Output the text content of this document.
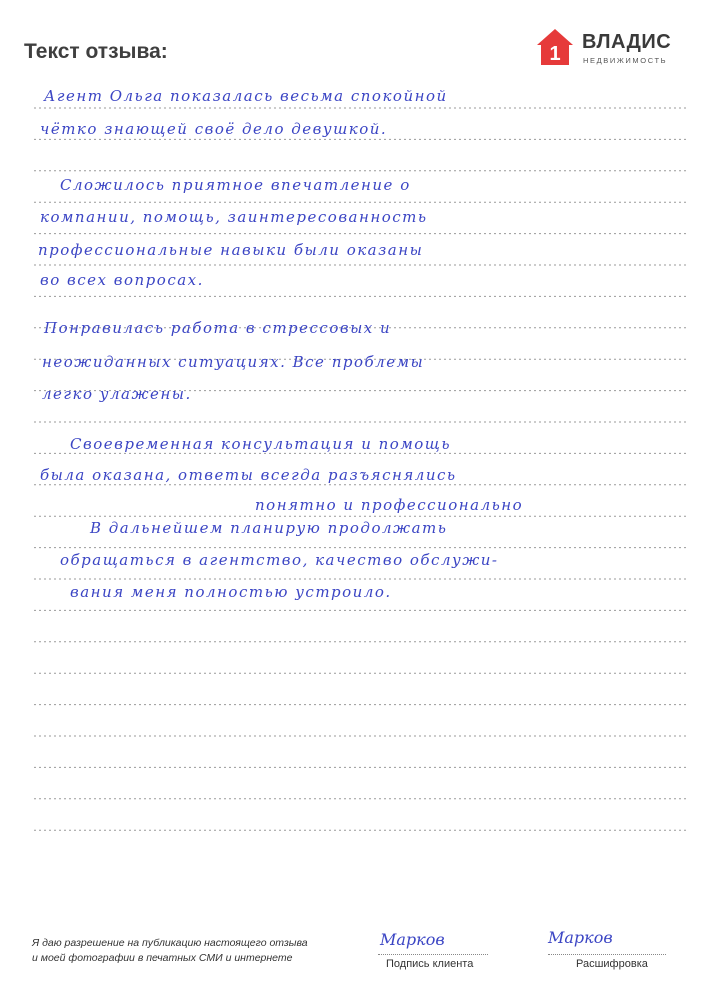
Текст отзыва:	1
ВЛАДИС
НЕДВИЖИМОСТЬ

Агент Ольга показалась весьма спокойной

чётко знающей своё дело девушкой.

Сложилось приятное впечатление о

компании, помощь, заинтересованность

профессиональные навыки были оказаны

во всех вопросах.

Понравилась работа в стрессовых и

неожиданных ситуациях. Все проблемы

легко улажены.

Своевременная консультация и помощь

была оказана, ответы всегда разъяснялись

понятно и профессионально

В дальнейшем планирую продолжать

обращаться в агентство, качество обслужи-

вания меня полностью устроило.

Я даю разрешение на публикацию настоящего отзыва
и моей фотографии в печатных СМИ и интернете
Марков
Подпись клиента
Марков
Расшифровка
